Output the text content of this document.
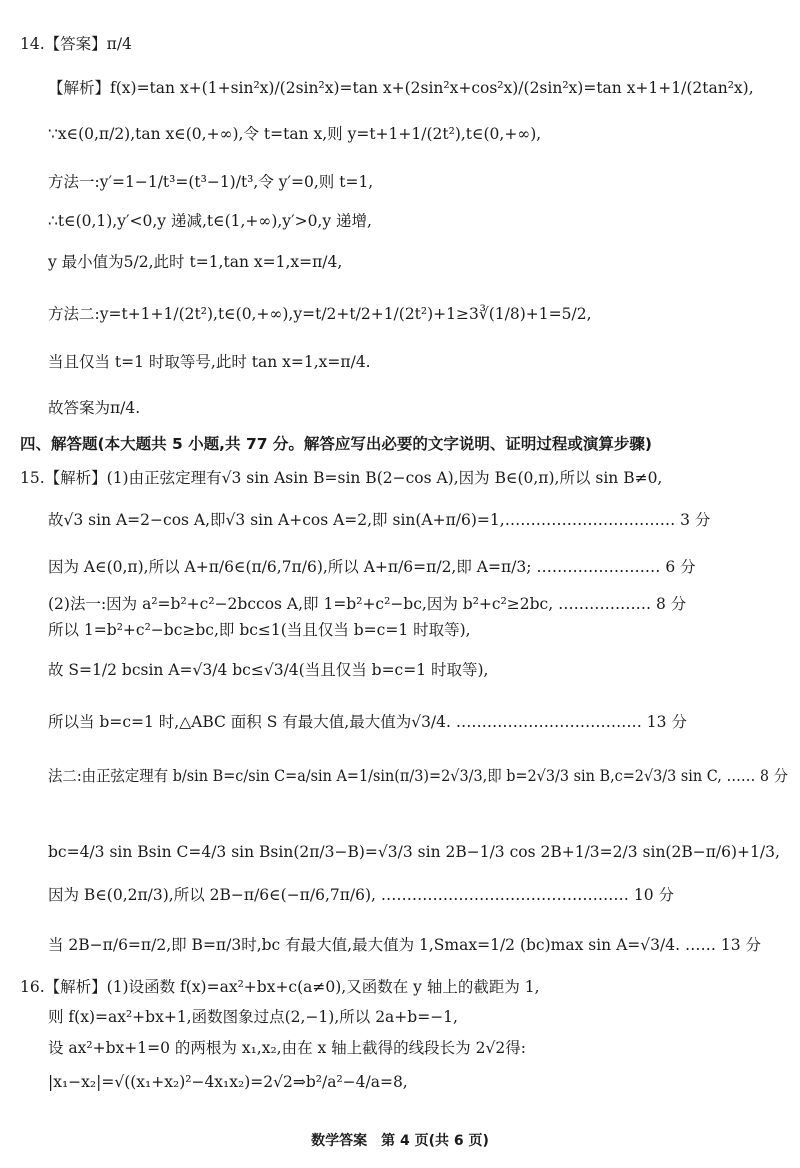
14.【答案】π/4
【解析】f(x)=tan x+(1+sin²x)/(2sin²x)=tan x+(2sin²x+cos²x)/(2sin²x)=tan x+1+1/(2tan²x),
∵x∈(0,π/2),tan x∈(0,+∞),令 t=tan x,则 y=t+1+1/(2t²),t∈(0,+∞),
方法一:y′=1−1/t³=(t³−1)/t³,令 y′=0,则 t=1,
∴t∈(0,1),y′<0,y 递减,t∈(1,+∞),y′>0,y 递增,
y 最小值为5/2,此时 t=1,tan x=1,x=π/4,
方法二:y=t+1+1/(2t²),t∈(0,+∞),y=t/2+t/2+1/(2t²)+1≥3∛(1/8)+1=5/2,
当且仅当 t=1 时取等号,此时 tan x=1,x=π/4.
故答案为π/4.
四、解答题(本大题共 5 小题,共 77 分。解答应写出必要的文字说明、证明过程或演算步骤)
15.【解析】(1)由正弦定理有√3 sin Asin B=sin B(2−cos A),因为 B∈(0,π),所以 sin B≠0,
故√3 sin A=2−cos A,即√3 sin A+cos A=2,即 sin(A+π/6)=1,…………………………… 3 分
因为 A∈(0,π),所以 A+π/6∈(π/6,7π/6),所以 A+π/6=π/2,即 A=π/3; …………………… 6 分
(2)法一:因为 a²=b²+c²−2bccos A,即 1=b²+c²−bc,因为 b²+c²≥2bc, ……………… 8 分
所以 1=b²+c²−bc≥bc,即 bc≤1(当且仅当 b=c=1 时取等),
故 S=1/2 bcsin A=√3/4 bc≤√3/4(当且仅当 b=c=1 时取等),
所以当 b=c=1 时,△ABC 面积 S 有最大值,最大值为√3/4. ……………………………… 13 分
法二:由正弦定理有 b/sin B=c/sin C=a/sin A=1/sin(π/3)=2√3/3,即 b=2√3/3 sin B,c=2√3/3 sin C, …… 8 分
bc=4/3 sin Bsin C=4/3 sin Bsin(2π/3−B)=√3/3 sin 2B−1/3 cos 2B+1/3=2/3 sin(2B−π/6)+1/3,
因为 B∈(0,2π/3),所以 2B−π/6∈(−π/6,7π/6), ………………………………………… 10 分
当 2B−π/6=π/2,即 B=π/3时,bc 有最大值,最大值为 1,Smax=1/2 (bc)max sin A=√3/4. …… 13 分
16.【解析】(1)设函数 f(x)=ax²+bx+c(a≠0),又函数在 y 轴上的截距为 1,
则 f(x)=ax²+bx+1,函数图象过点(2,−1),所以 2a+b=−1,
设 ax²+bx+1=0 的两根为 x₁,x₂,由在 x 轴上截得的线段长为 2√2得:
|x₁−x₂|=√((x₁+x₂)²−4x₁x₂)=2√2⇒b²/a²−4/a=8,
数学答案　第 4 页(共 6 页)
